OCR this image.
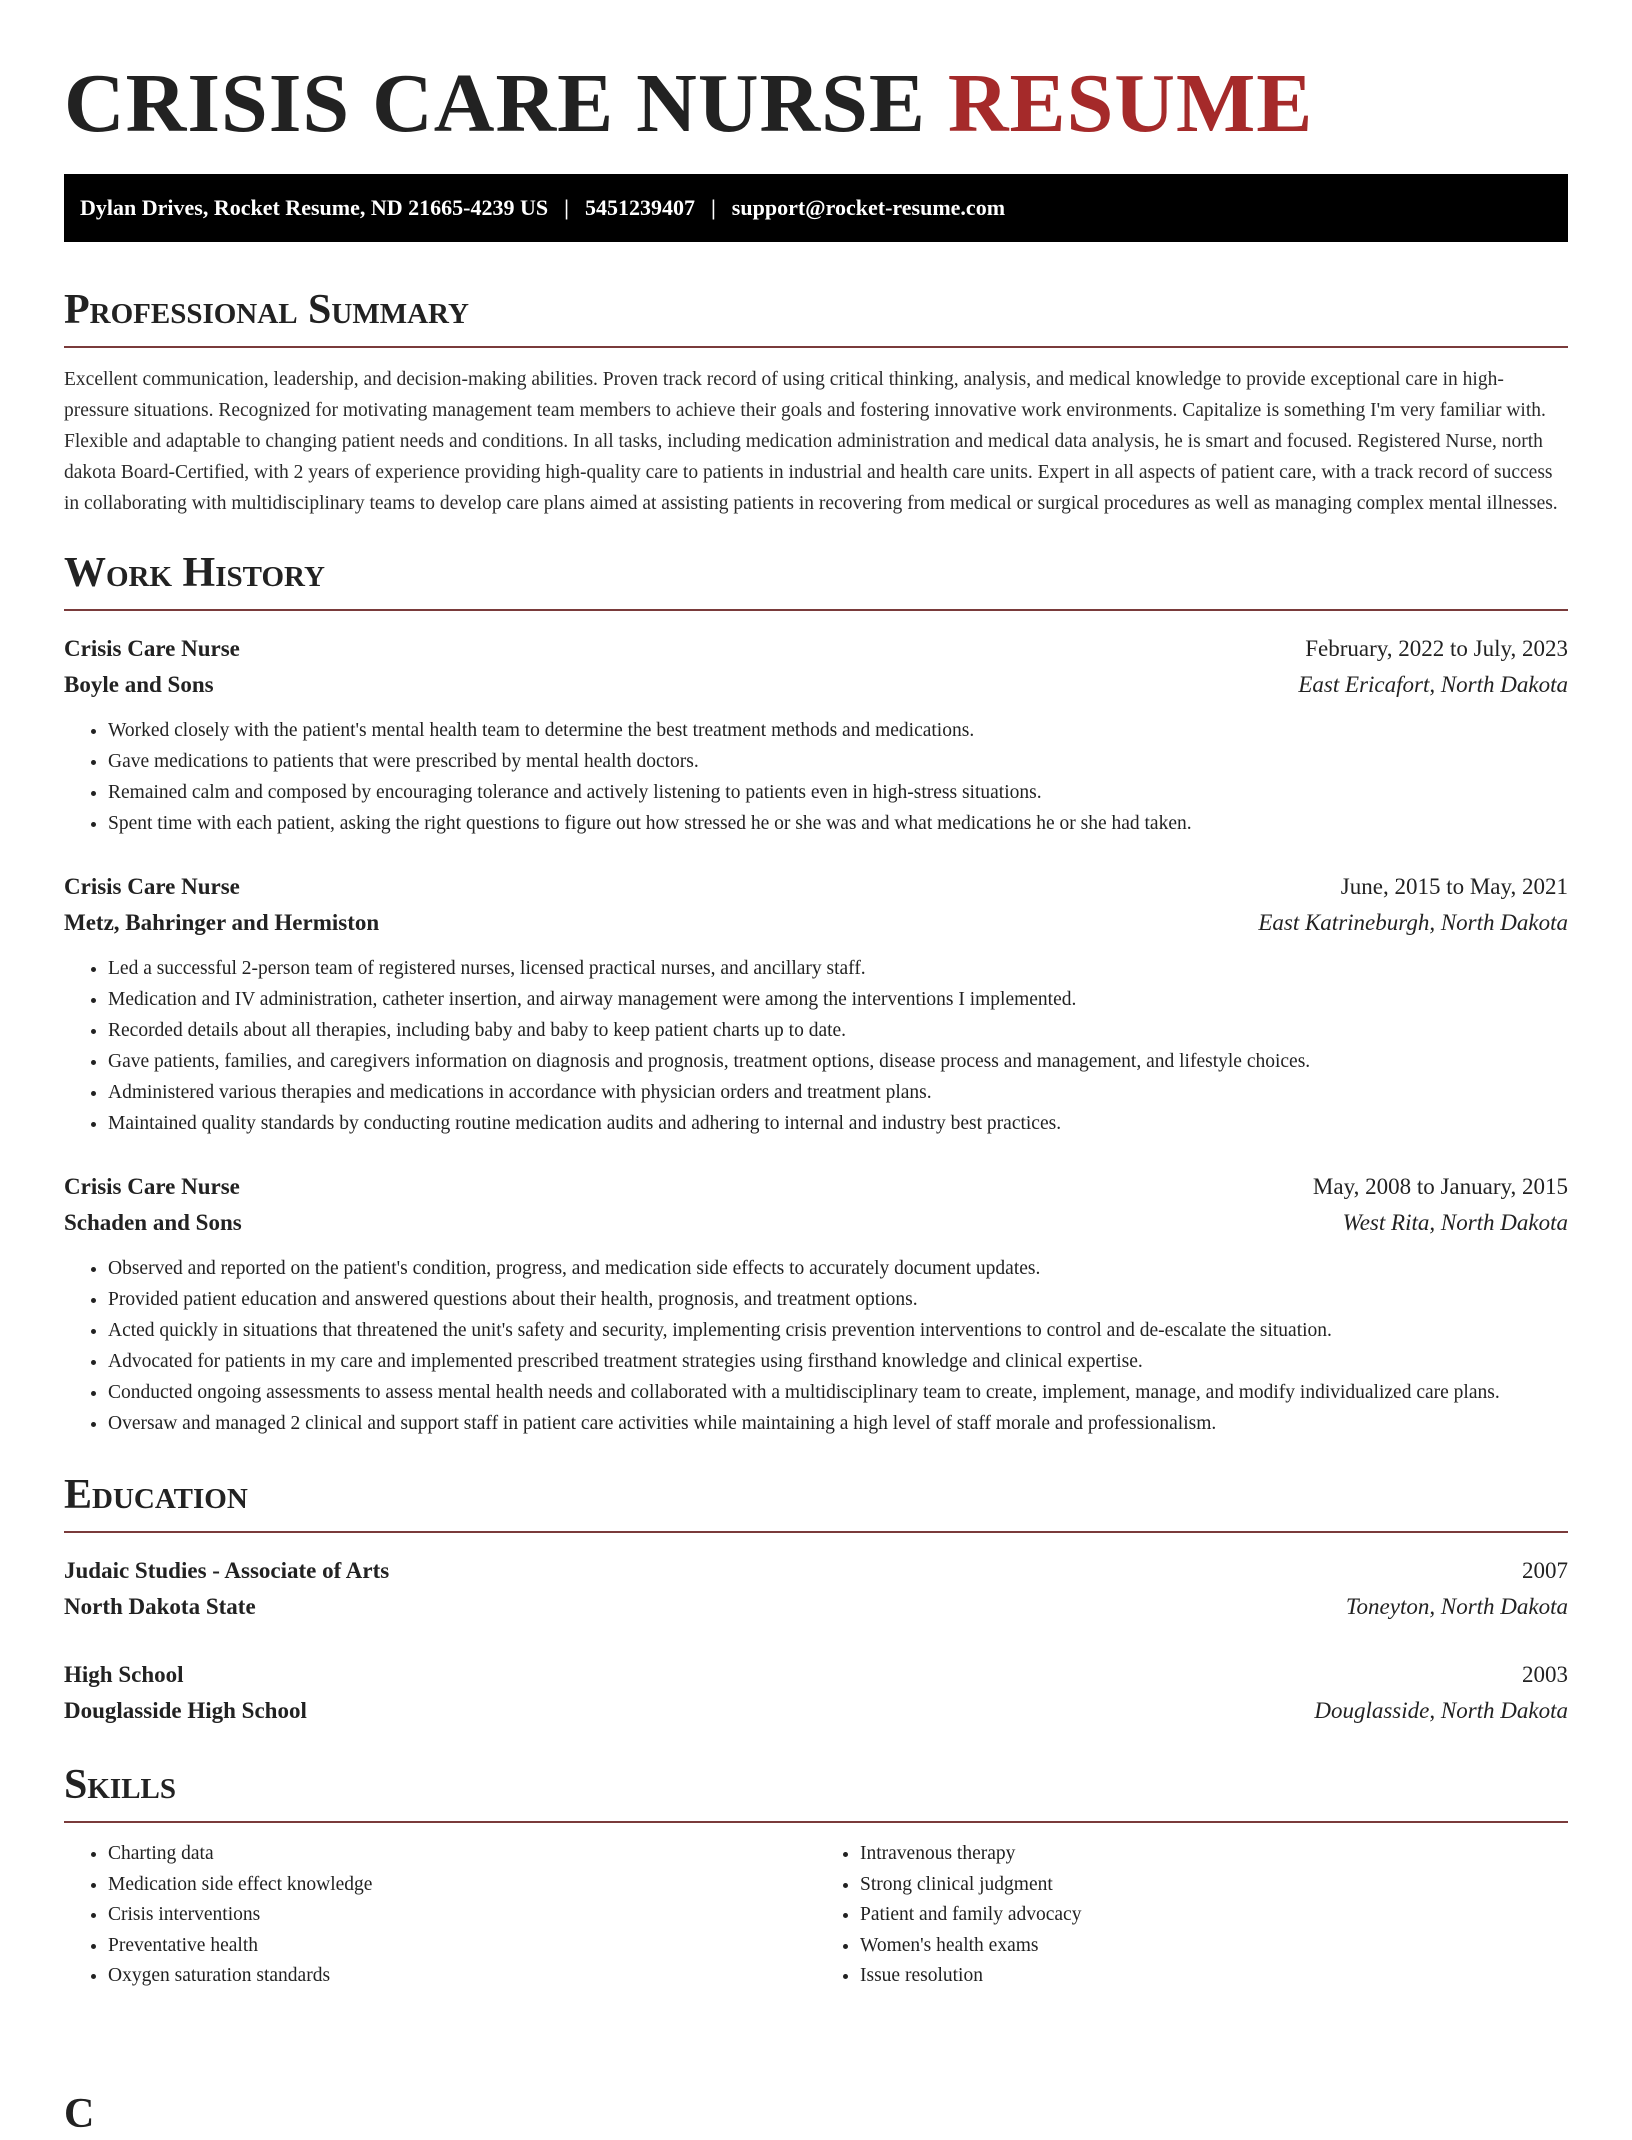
CRISIS CARE NURSE RESUME
Dylan Drives, Rocket Resume, ND 21665-4239 US | 5451239407 | support@rocket-resume.com
Professional Summary

Excellent communication, leadership, and decision-making abilities. Proven track record of using critical thinking, analysis, and medical knowledge to provide exceptional care in high-pressure situations. Recognized for motivating management team members to achieve their goals and fostering innovative work environments. Capitalize is something I'm very familiar with. Flexible and adaptable to changing patient needs and conditions. In all tasks, including medication administration and medical data analysis, he is smart and focused. Registered Nurse, north dakota Board-Certified, with 2 years of experience providing high-quality care to patients in industrial and health care units. Expert in all aspects of patient care, with a track record of success in collaborating with multidisciplinary teams to develop care plans aimed at assisting patients in recovering from medical or surgical procedures as well as managing complex mental illnesses.

Work History
Crisis Care Nurse	February, 2022 to July, 2023
Boyle and Sons	East Ericafort, North Dakota
• Worked closely with the patient's mental health team to determine the best treatment methods and medications.
• Gave medications to patients that were prescribed by mental health doctors.
• Remained calm and composed by encouraging tolerance and actively listening to patients even in high-stress situations.
• Spent time with each patient, asking the right questions to figure out how stressed he or she was and what medications he or she had taken.
Crisis Care Nurse	June, 2015 to May, 2021
Metz, Bahringer and Hermiston	East Katrineburgh, North Dakota
• Led a successful 2-person team of registered nurses, licensed practical nurses, and ancillary staff.
• Medication and IV administration, catheter insertion, and airway management were among the interventions I implemented.
• Recorded details about all therapies, including baby and baby to keep patient charts up to date.
• Gave patients, families, and caregivers information on diagnosis and prognosis, treatment options, disease process and management, and lifestyle choices.
• Administered various therapies and medications in accordance with physician orders and treatment plans.
• Maintained quality standards by conducting routine medication audits and adhering to internal and industry best practices.
Crisis Care Nurse	May, 2008 to January, 2015
Schaden and Sons	West Rita, North Dakota
• Observed and reported on the patient's condition, progress, and medication side effects to accurately document updates.
• Provided patient education and answered questions about their health, prognosis, and treatment options.
• Acted quickly in situations that threatened the unit's safety and security, implementing crisis prevention interventions to control and de-escalate the situation.
• Advocated for patients in my care and implemented prescribed treatment strategies using firsthand knowledge and clinical expertise.
• Conducted ongoing assessments to assess mental health needs and collaborated with a multidisciplinary team to create, implement, manage, and modify individualized care plans.
• Oversaw and managed 2 clinical and support staff in patient care activities while maintaining a high level of staff morale and professionalism.
Education
Judaic Studies - Associate of Arts	2007
North Dakota State	Toneyton, North Dakota
High School	2003
Douglasside High School	Douglasside, North Dakota
Skills
• Charting data
• Medication side effect knowledge
• Crisis interventions
• Preventative health
• Oxygen saturation standards
• Intravenous therapy
• Strong clinical judgment
• Patient and family advocacy
• Women's health exams
• Issue resolution
C
